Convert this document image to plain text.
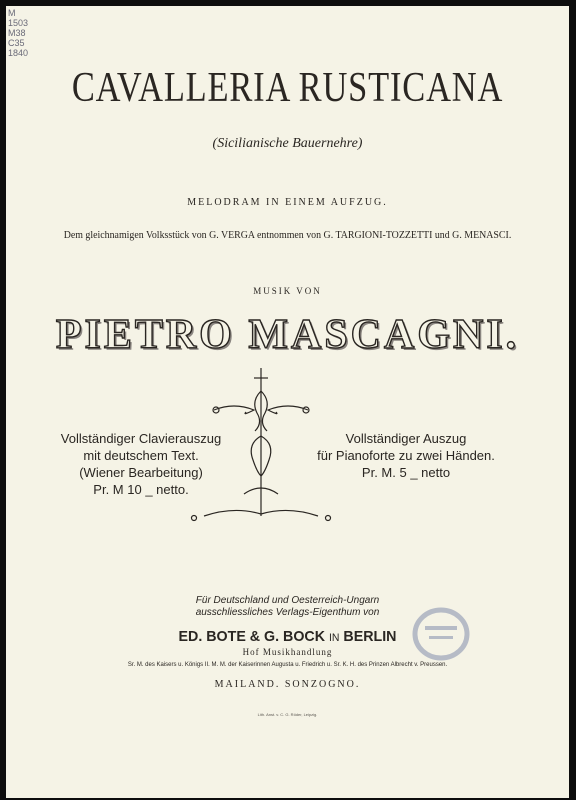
M
1503
M38
C35
1840
CAVALLERIA RUSTICANA
(Sicilianische Bauernehre)
MELODRAM IN EINEM AUFZUG.
Dem gleichnamigen Volksstück von G. VERGA entnommen von G. TARGIONI-TOZZETTI und G. MENASCI.
MUSIK VON
PIETRO MASCAGNI.
Vollständiger Clavierauszug
mit deutschem Text.
(Wiener Bearbeitung)
Pr. M 10 _ netto.
Vollständiger Auszug
für Pianoforte zu zwei Händen.
Pr. M. 5 _ netto
Für Deutschland und Oesterreich-Ungarn
ausschliessliches Verlags-Eigenthum von
ED. BOTE & G. BOCK IN BERLIN
Hof Musikhandlung
Sr. M. des Kaisers u. Königs II. M. M. der Kaiserinnen Augusta u. Friedrich u. Sr. K. H. des Prinzen Albrecht v. Preussen.
MAILAND. SONZOGNO.
Lith. Anst. v. C. G. Röder, Leipzig.
